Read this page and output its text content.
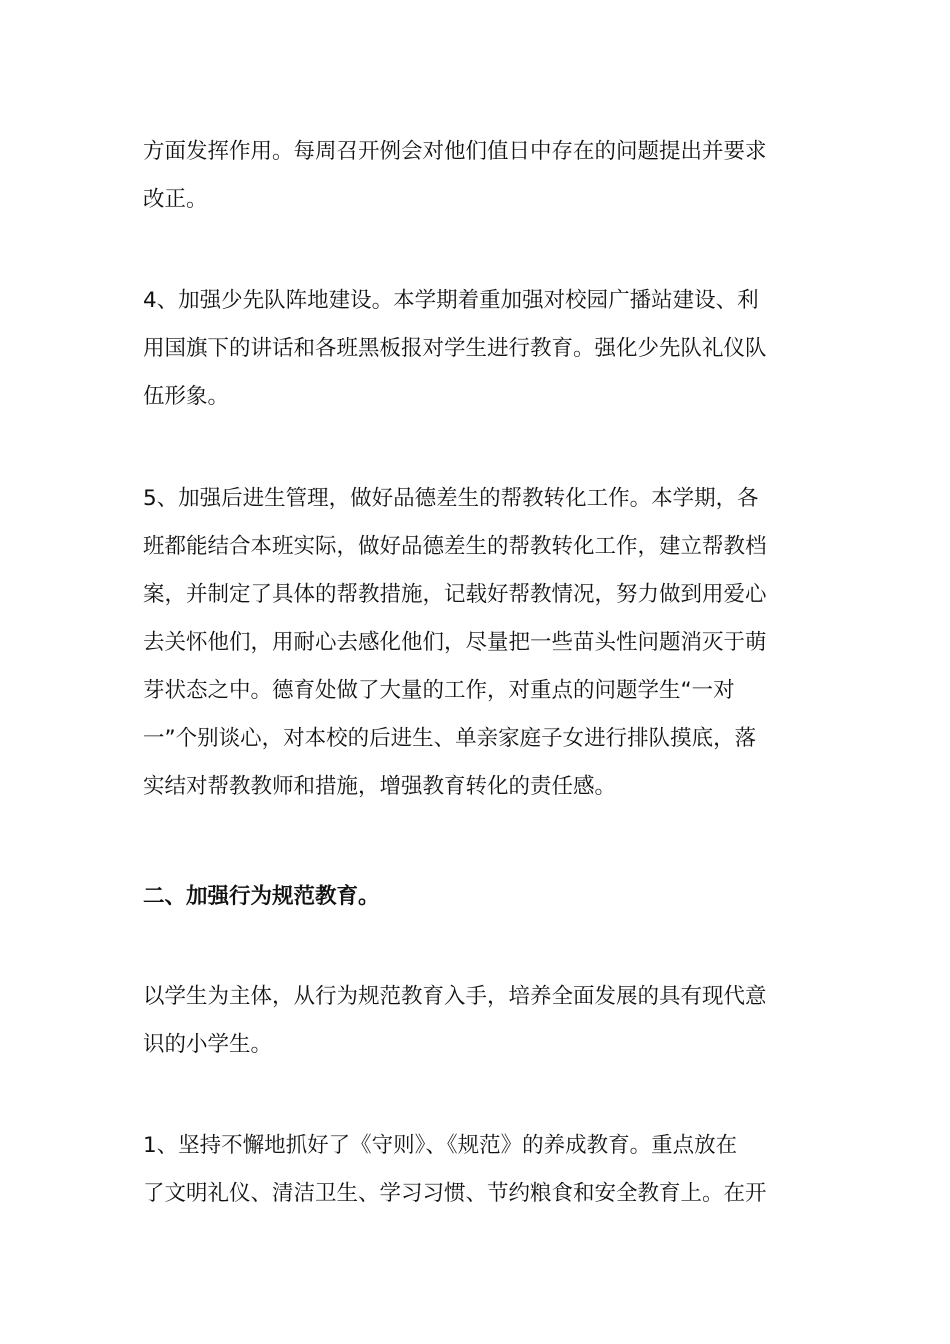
方面发挥作用。每周召开例会对他们值日中存在的问题提出并要求
改正。
4、加强少先队阵地建设。本学期着重加强对校园广播站建设、利
用国旗下的讲话和各班黑板报对学生进行教育。强化少先队礼仪队
伍形象。
5、加强后进生管理，做好品德差生的帮教转化工作。本学期，各
班都能结合本班实际，做好品德差生的帮教转化工作，建立帮教档
案，并制定了具体的帮教措施，记载好帮教情况，努力做到用爱心
去关怀他们，用耐心去感化他们，尽量把一些苗头性问题消灭于萌
芽状态之中。德育处做了大量的工作，对重点的问题学生“一对
一”个别谈心，对本校的后进生、单亲家庭子女进行排队摸底，落
实结对帮教教师和措施，增强教育转化的责任感。
二、加强行为规范教育。
以学生为主体，从行为规范教育入手，培养全面发展的具有现代意
识的小学生。
1、坚持不懈地抓好了《守则》、《规范》的养成教育。重点放在
了文明礼仪、清洁卫生、学习习惯、节约粮食和安全教育上。在开
